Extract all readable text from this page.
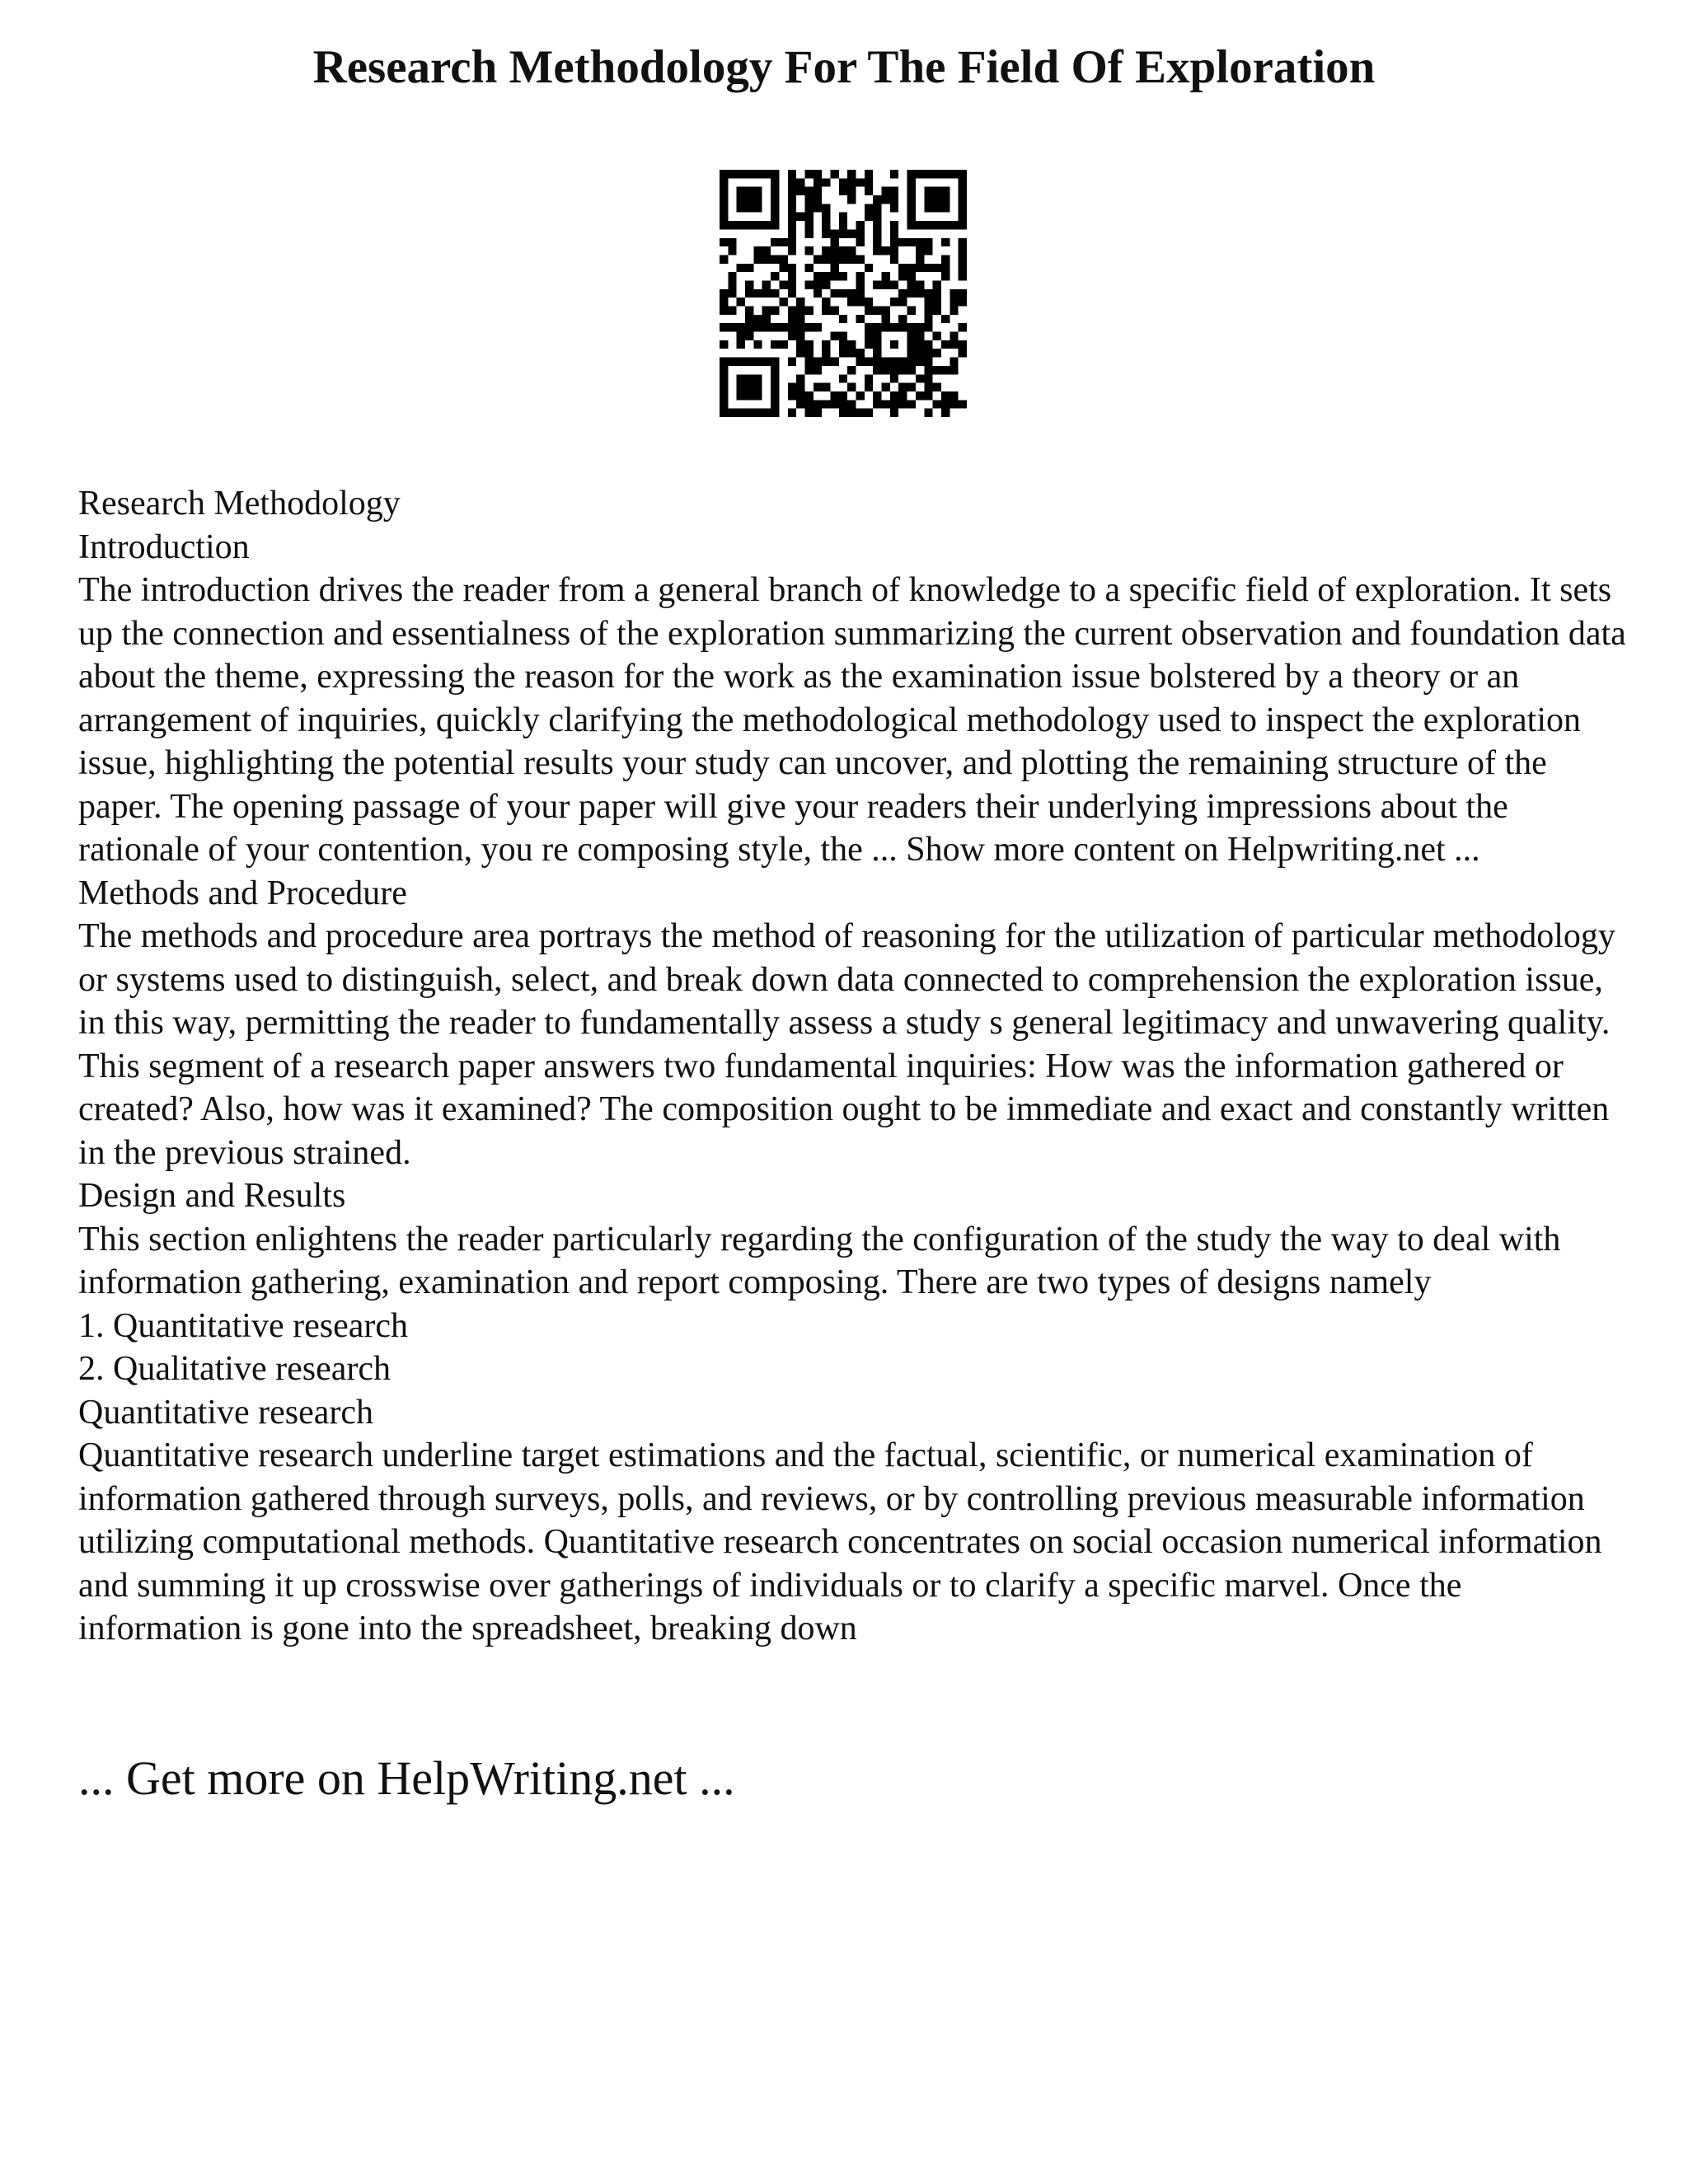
Research Methodology For The Field Of Exploration

Research Methodology

Introduction

The introduction drives the reader from a general branch of knowledge to a specific field of exploration. It sets up the connection and essentialness of the exploration summarizing the current observation and foundation data about the theme, expressing the reason for the work as the examination issue bolstered by a theory or an arrangement of inquiries, quickly clarifying the methodological methodology used to inspect the exploration issue, highlighting the potential results your study can uncover, and plotting the remaining structure of the paper. The opening passage of your paper will give your readers their underlying impressions about the rationale of your contention, you re composing style, the ... Show more content on Helpwriting.net ...

Methods and Procedure

The methods and procedure area portrays the method of reasoning for the utilization of particular methodology or systems used to distinguish, select, and break down data connected to comprehension the exploration issue, in this way, permitting the reader to fundamentally assess a study s general legitimacy and unwavering quality. This segment of a research paper answers two fundamental inquiries: How was the information gathered or created? Also, how was it examined? The composition ought to be immediate and exact and constantly written in the previous strained.

Design and Results

This section enlightens the reader particularly regarding the configuration of the study the way to deal with information gathering, examination and report composing. There are two types of designs namely

1. Quantitative research

2. Qualitative research

Quantitative research

Quantitative research underline target estimations and the factual, scientific, or numerical examination of information gathered through surveys, polls, and reviews, or by controlling previous measurable information utilizing computational methods. Quantitative research concentrates on social occasion numerical information and summing it up crosswise over gatherings of individuals or to clarify a specific marvel. Once the information is gone into the spreadsheet, breaking down

... Get more on HelpWriting.net ...
